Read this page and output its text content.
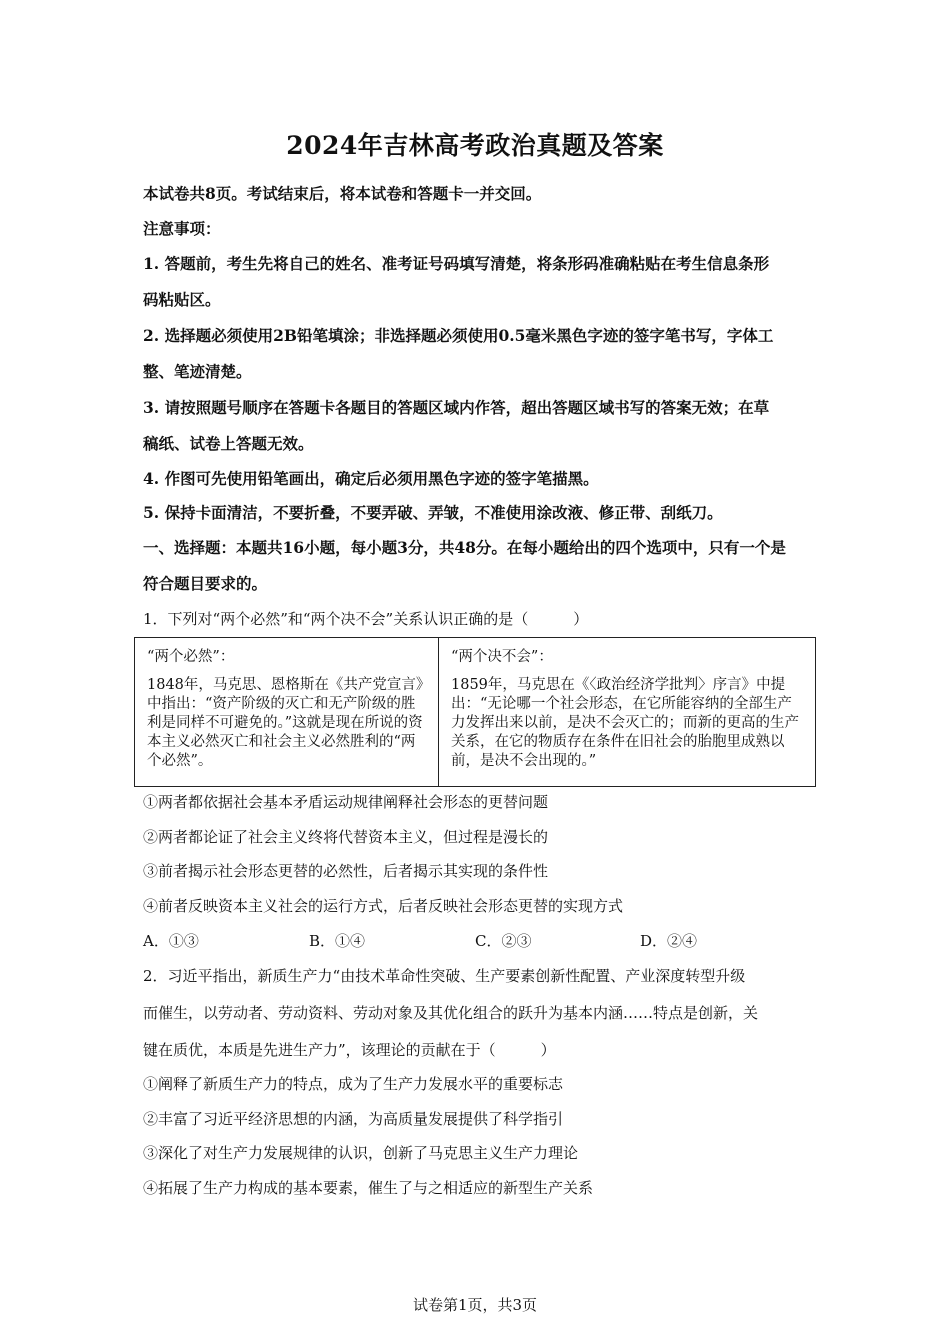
2024年吉林高考政治真题及答案
本试卷共8页。考试结束后，将本试卷和答题卡一并交回。
注意事项：
1. 答题前，考生先将自己的姓名、准考证号码填写清楚，将条形码准确粘贴在考生信息条形
码粘贴区。
2. 选择题必须使用2B铅笔填涂；非选择题必须使用0.5毫米黑色字迹的签字笔书写，字体工
整、笔迹清楚。
3. 请按照题号顺序在答题卡各题目的答题区域内作答，超出答题区域书写的答案无效；在草
稿纸、试卷上答题无效。
4. 作图可先使用铅笔画出，确定后必须用黑色字迹的签字笔描黑。
5. 保持卡面清洁，不要折叠，不要弄破、弄皱，不准使用涂改液、修正带、刮纸刀。
一、选择题：本题共16小题，每小题3分，共48分。在每小题给出的四个选项中，只有一个是
符合题目要求的。
1．下列对“两个必然”和“两个决不会”关系认识正确的是（　　　）
“两个必然”：
1848年，马克思、恩格斯在《共产党宣言》中指出：“资产阶级的灭亡和无产阶级的胜利是同样不可避免的。”这就是现在所说的资本主义必然灭亡和社会主义必然胜利的“两个必然”。
“两个决不会”：
1859年，马克思在《〈政治经济学批判〉序言》中提出：“无论哪一个社会形态，在它所能容纳的全部生产力发挥出来以前，是决不会灭亡的；而新的更高的生产关系，在它的物质存在条件在旧社会的胎胞里成熟以前，是决不会出现的。”
①两者都依据社会基本矛盾运动规律阐释社会形态的更替问题
②两者都论证了社会主义终将代替资本主义，但过程是漫长的
③前者揭示社会形态更替的必然性，后者揭示其实现的条件性
④前者反映资本主义社会的运行方式，后者反映社会形态更替的实现方式
A．①③	B．①④	C．②③	D．②④
2．习近平指出，新质生产力“由技术革命性突破、生产要素创新性配置、产业深度转型升级
而催生，以劳动者、劳动资料、劳动对象及其优化组合的跃升为基本内涵……特点是创新，关
键在质优，本质是先进生产力”，该理论的贡献在于（　　　）
①阐释了新质生产力的特点，成为了生产力发展水平的重要标志
②丰富了习近平经济思想的内涵，为高质量发展提供了科学指引
③深化了对生产力发展规律的认识，创新了马克思主义生产力理论
④拓展了生产力构成的基本要素，催生了与之相适应的新型生产关系
试卷第1页，共3页
